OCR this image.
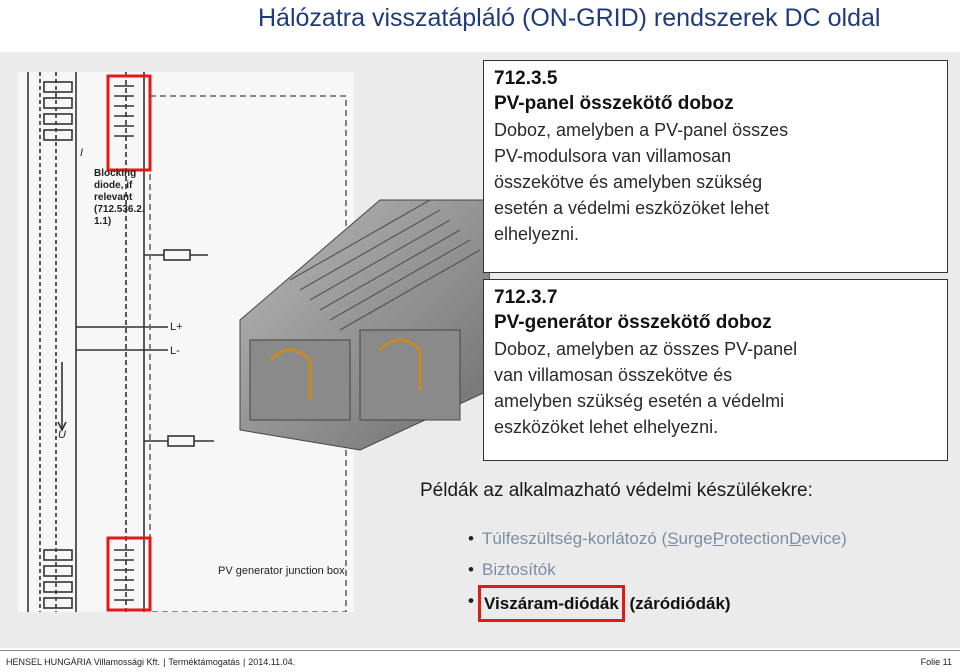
Hálózatra visszatápláló (ON-GRID) rendszerek DC oldal
Blocking
diode, if
relevant
(712.536.2.
1.1)
L+
L-
U
I
PV generator junction box
712.3.5
PV-panel összekötő doboz
Doboz, amelyben a PV-panel összes
PV-modulsora van villamosan
összekötve és amelyben szükség
esetén a védelmi eszközöket lehet
elhelyezni.
712.3.7
PV-generátor összekötő doboz
Doboz, amelyben az összes PV-panel
van villamosan összekötve és
amelyben szükség esetén a védelmi
eszközöket lehet elhelyezni.
Példák az alkalmazható védelmi készülékekre:
• Túlfeszültség-korlátozó (SurgeProtectionDevice)
• Biztosítók
• Viszáram-diódák (záródiódák)
HENSEL HUNGÁRIA Villamossági Kft. | Terméktámogatás | 2014.11.04.	Folie 11
